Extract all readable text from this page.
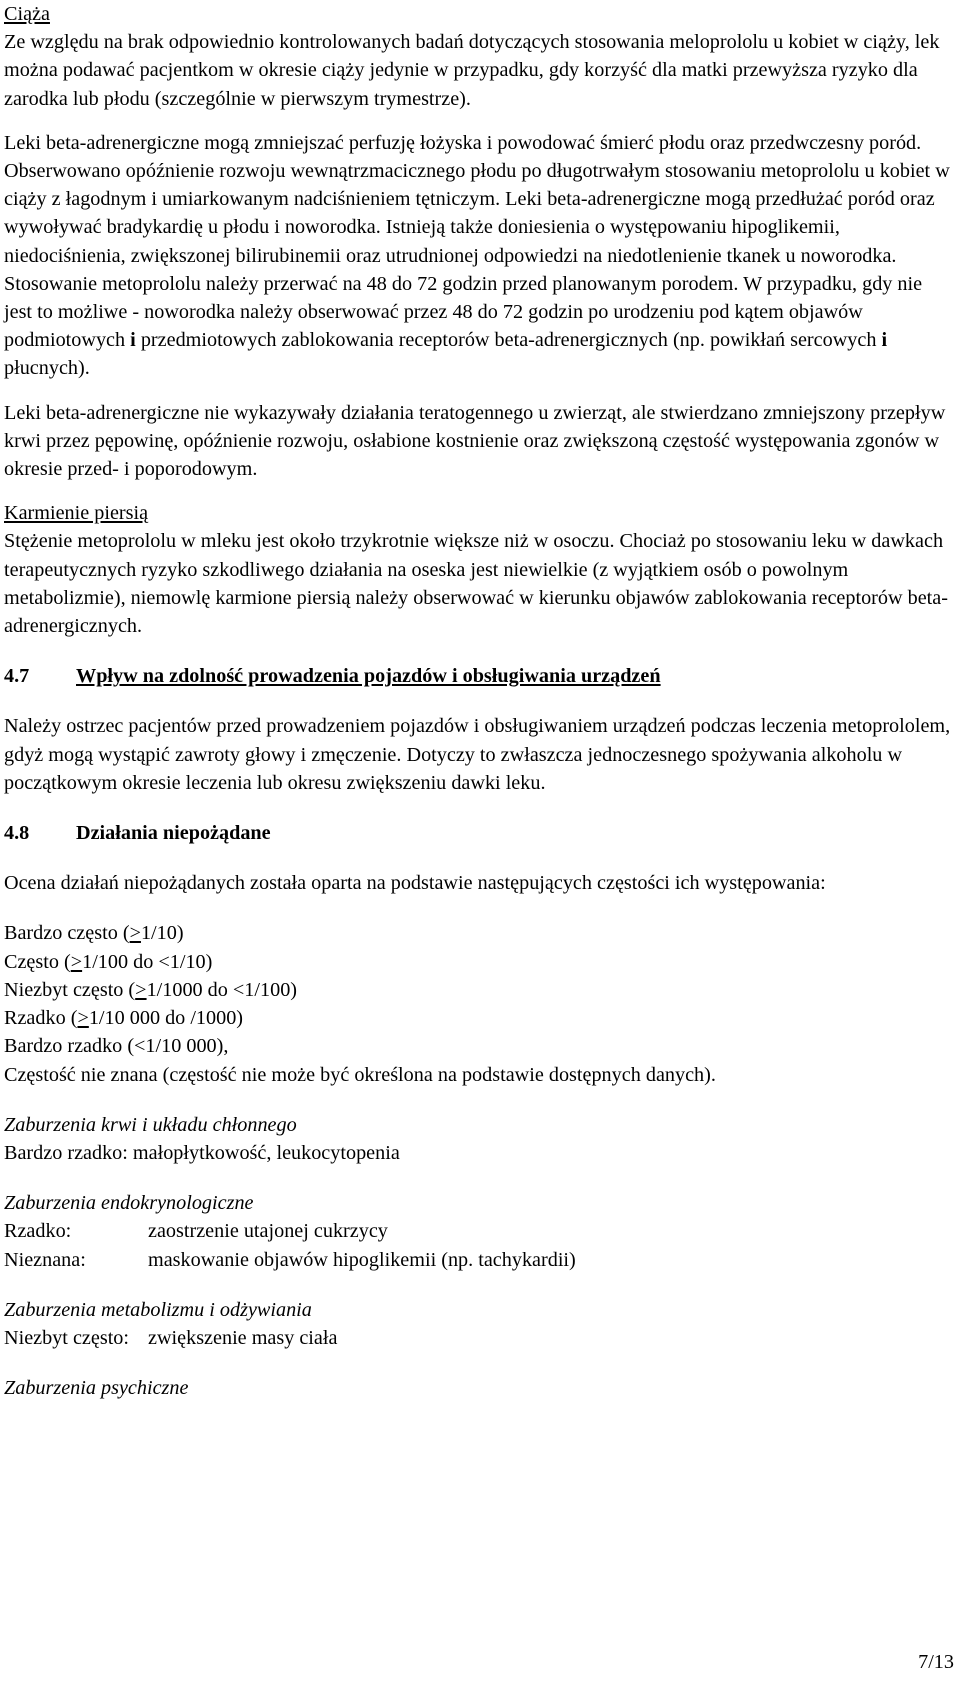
Ciąża

Ze względu na brak odpowiednio kontrolowanych badań dotyczących stosowania meloprololu u kobiet w ciąży, lek można podawać pacjentkom w okresie ciąży jedynie w przypadku, gdy korzyść dla matki przewyższa ryzyko dla zarodka lub płodu (szczególnie w pierwszym trymestrze).

Leki beta-adrenergiczne mogą zmniejszać perfuzję łożyska i powodować śmierć płodu oraz przedwczesny poród. Obserwowano opóźnienie rozwoju wewnątrzmacicznego płodu po długotrwałym stosowaniu metoprololu u kobiet w ciąży z łagodnym i umiarkowanym nadciśnieniem tętniczym. Leki beta-adrenergiczne mogą przedłużać poród oraz wywoływać bradykardię u płodu i noworodka. Istnieją także doniesienia o występowaniu hipoglikemii, niedociśnienia, zwiększonej bilirubinemii oraz utrudnionej odpowiedzi na niedotlenienie tkanek u noworodka. Stosowanie metoprololu należy przerwać na 48 do 72 godzin przed planowanym porodem. W przypadku, gdy nie jest to możliwe - noworodka należy obserwować przez 48 do 72 godzin po urodzeniu pod kątem objawów podmiotowych i przedmiotowych zablokowania receptorów beta-adrenergicznych (np. powikłań sercowych i płucnych).

Leki beta-adrenergiczne nie wykazywały działania teratogennego u zwierząt, ale stwierdzano zmniejszony przepływ krwi przez pępowinę, opóźnienie rozwoju, osłabione kostnienie oraz zwiększoną częstość występowania zgonów w okresie przed- i poporodowym.

Karmienie piersią

Stężenie metoprololu w mleku jest około trzykrotnie większe niż w osoczu. Chociaż po stosowaniu leku w dawkach terapeutycznych ryzyko szkodliwego działania na oseska jest niewielkie (z wyjątkiem osób o powolnym metabolizmie), niemowlę karmione piersią należy obserwować w kierunku objawów zablokowania receptorów beta-adrenergicznych.

4.7	Wpływ na zdolność prowadzenia pojazdów i obsługiwania urządzeń

Należy ostrzec pacjentów przed prowadzeniem pojazdów i obsługiwaniem urządzeń podczas leczenia metoprololem, gdyż mogą wystąpić zawroty głowy i zmęczenie. Dotyczy to zwłaszcza jednoczesnego spożywania alkoholu w początkowym okresie leczenia lub okresu zwiększeniu dawki leku.

4.8	Działania niepożądane

Ocena działań niepożądanych została oparta na podstawie następujących częstości ich występowania:

Bardzo często (>1/10)

Często (>1/100 do <1/10)

Niezbyt często (>1/1000 do <1/100)

Rzadko (>1/10 000 do /1000)

Bardzo rzadko (<1/10 000),

Częstość nie znana (częstość nie może być określona na podstawie dostępnych danych).

Zaburzenia krwi i układu chłonnego

Bardzo rzadko: małopłytkowość, leukocytopenia

Zaburzenia endokrynologiczne

Rzadko:	zaostrzenie utajonej cukrzycy
Nieznana:	maskowanie objawów hipoglikemii (np. tachykardii)

Zaburzenia metabolizmu i odżywiania

Niezbyt często: zwiększenie masy ciała

Zaburzenia psychiczne

7/13
